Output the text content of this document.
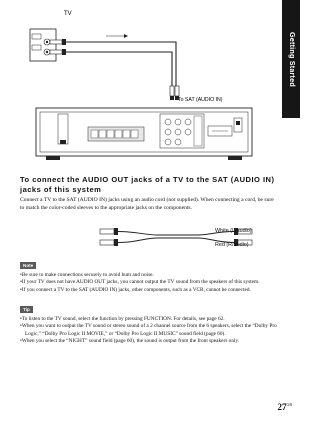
Getting Started
TV
To SAT (AUDIO IN)
To connect the AUDIO OUT jacks of a TV to the SAT (AUDIO IN) jacks of this system

Connect a TV to the SAT (AUDIO IN) jacks using an audio cord (not supplied). When connecting a cord, be sure to match the color-coded sleeves to the appropriate jacks on the components.

White (L/audio)
Red (R/audio)
Note
• Be sure to make connections securely to avoid hum and noise.
• If your TV does not have AUDIO OUT jacks, you cannot output the TV sound from the speakers of this system.
• If you connect a TV to the SAT (AUDIO IN) jacks, other components, such as a VCR, cannot be connected.
Tip
• To listen to the TV sound, select the function by pressing FUNCTION. For details, see page 62.
• When you want to output the TV sound or stereo sound of a 2 channel source from the 6 speakers, select the “Dolby Pro Logic,” “Dolby Pro Logic II MOVIE,” or “Dolby Pro Logic II MUSIC” sound field (page 60).
• When you select the “NIGHT” sound field (page 60), the sound is output from the front speakers only.
$27^{GB}$
